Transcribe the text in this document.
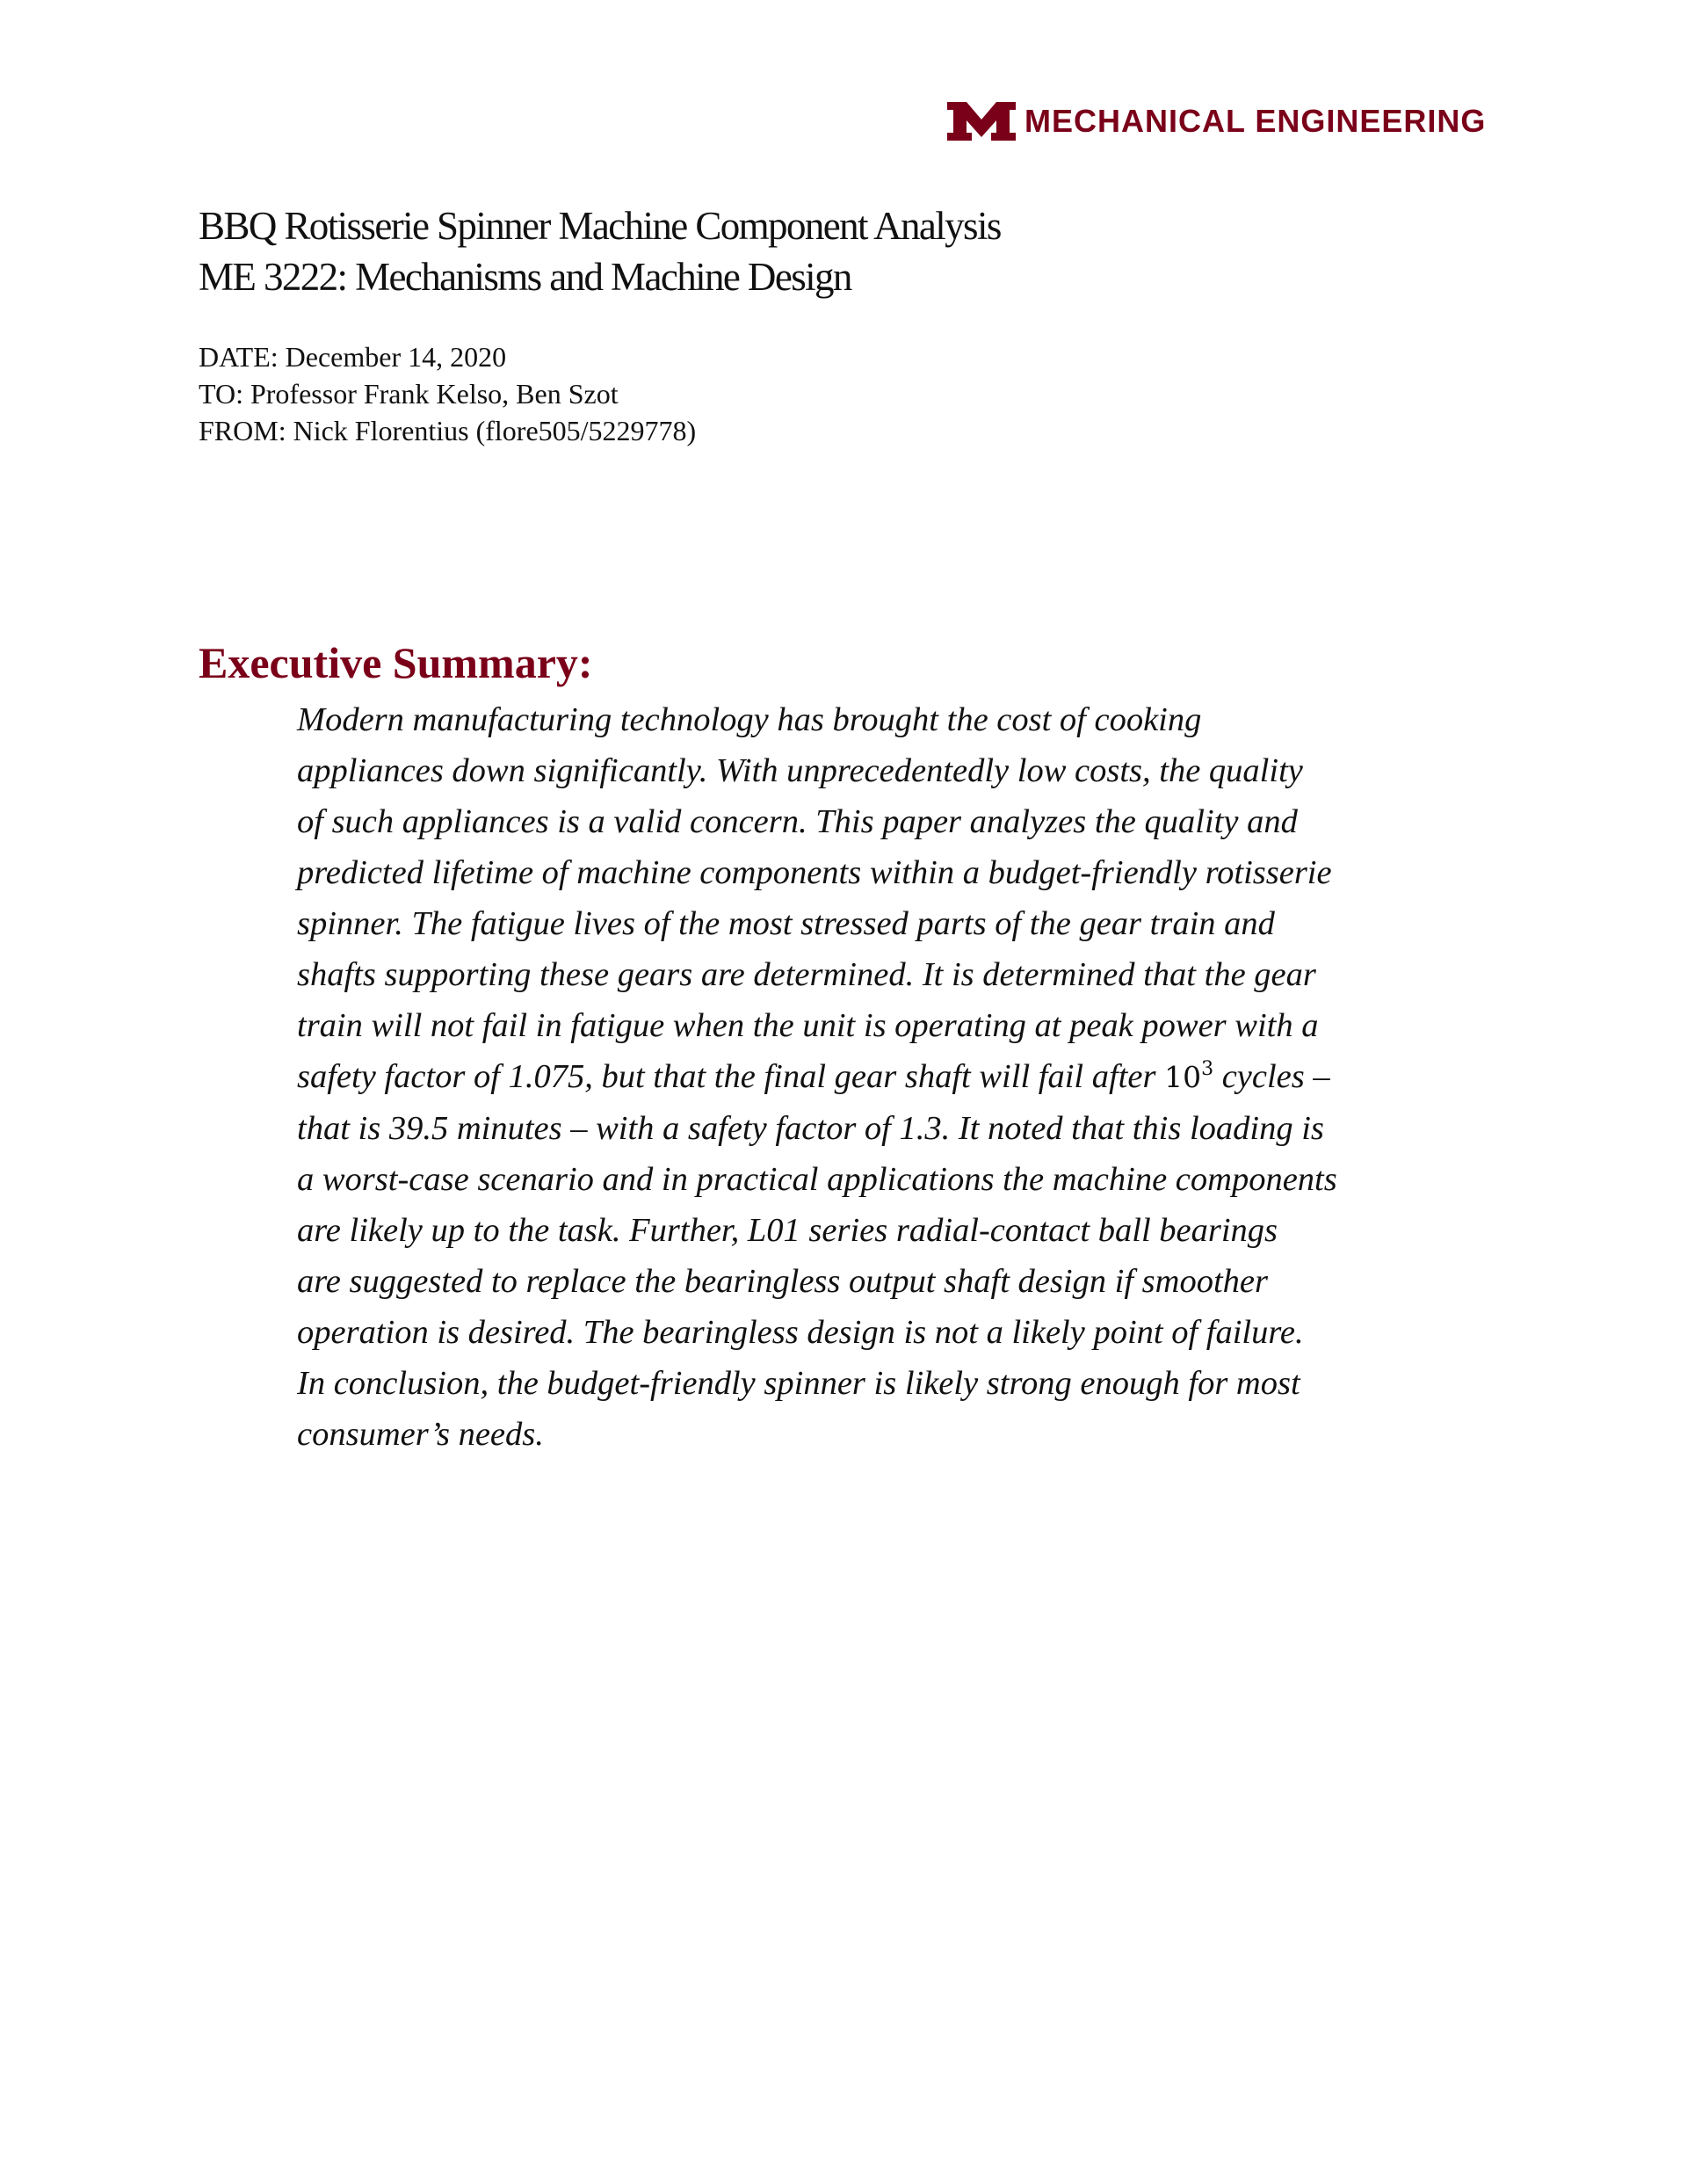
MECHANICAL ENGINEERING
BBQ Rotisserie Spinner Machine Component Analysis
ME 3222: Mechanisms and Machine Design
DATE: December 14, 2020
TO: Professor Frank Kelso, Ben Szot
FROM: Nick Florentius (flore505/5229778)
Executive Summary:
Modern manufacturing technology has brought the cost of cooking
appliances down significantly. With unprecedentedly low costs, the quality
of such appliances is a valid concern. This paper analyzes the quality and
predicted lifetime of machine components within a budget-friendly rotisserie
spinner. The fatigue lives of the most stressed parts of the gear train and
shafts supporting these gears are determined. It is determined that the gear
train will not fail in fatigue when the unit is operating at peak power with a
safety factor of 1.075, but that the final gear shaft will fail after $10^3$ cycles –
that is 39.5 minutes – with a safety factor of 1.3. It noted that this loading is
a worst-case scenario and in practical applications the machine components
are likely up to the task. Further, L01 series radial-contact ball bearings
are suggested to replace the bearingless output shaft design if smoother
operation is desired. The bearingless design is not a likely point of failure.
In conclusion, the budget-friendly spinner is likely strong enough for most
consumer’s needs.
